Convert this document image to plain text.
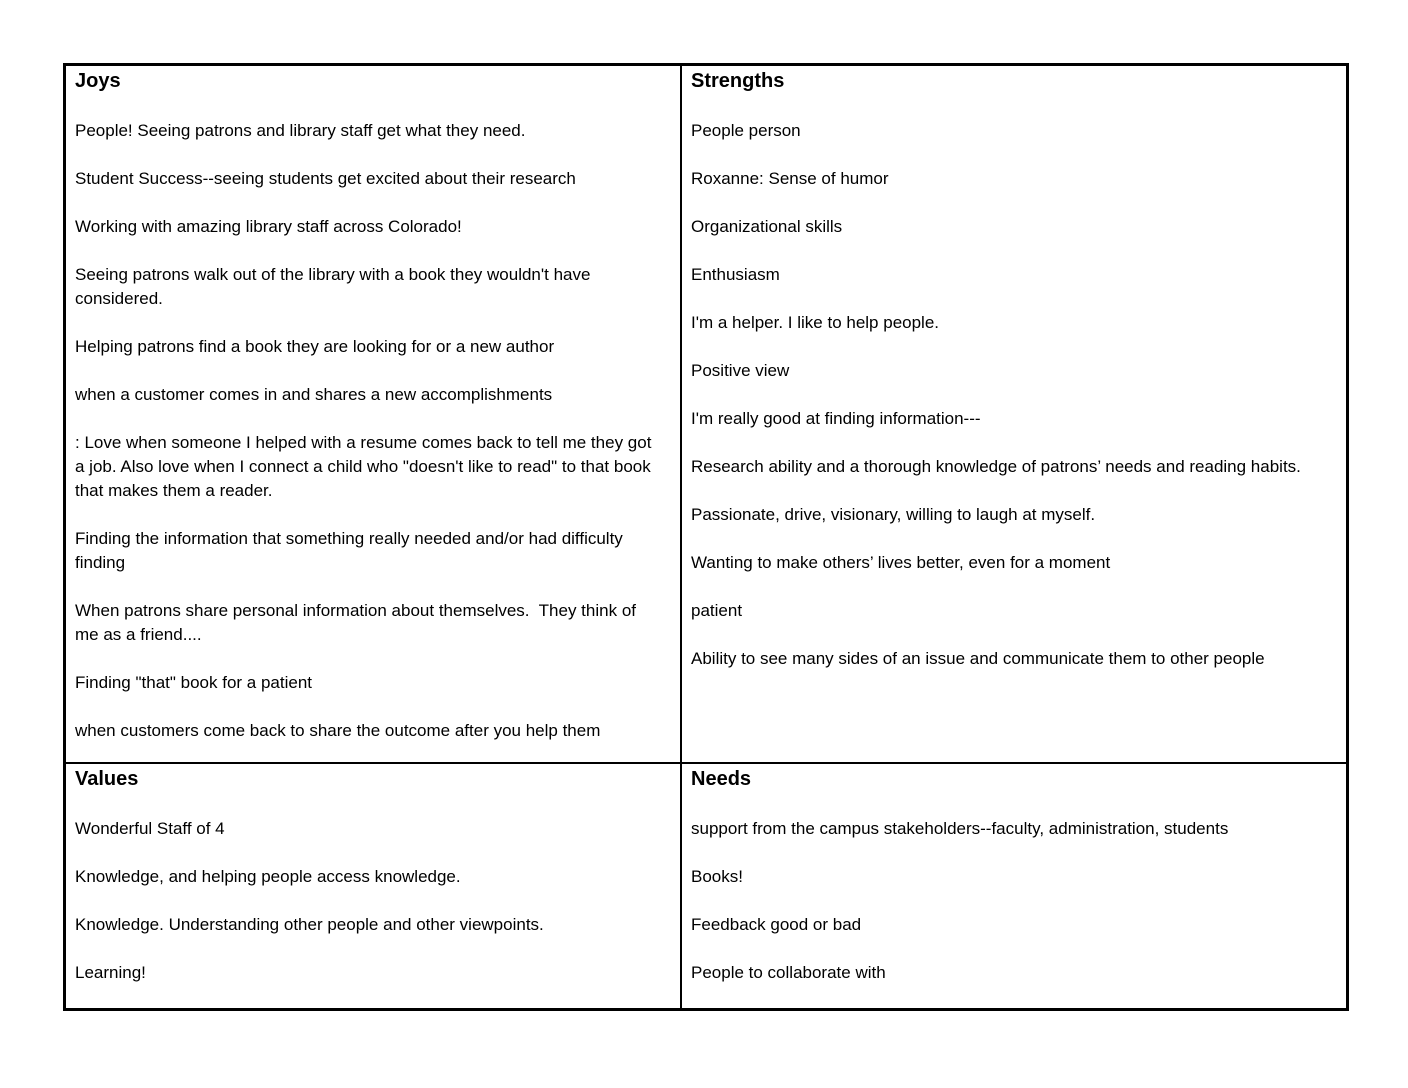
Joys

People! Seeing patrons and library staff get what they need.

Student Success--seeing students get excited about their research

Working with amazing library staff across Colorado!

Seeing patrons walk out of the library with a book they wouldn't have considered.

Helping patrons find a book they are looking for or a new author

when a customer comes in and shares a new accomplishments

: Love when someone I helped with a resume comes back to tell me they got a job. Also love when I connect a child who "doesn't like to read" to that book that makes them a reader.

Finding the information that something really needed and/or had difficulty finding

When patrons share personal information about themselves.  They think of me as a friend....

Finding "that" book for a patient

when customers come back to share the outcome after you help them

Strengths

People person

Roxanne: Sense of humor

Organizational skills

Enthusiasm

I'm a helper. I like to help people.

Positive view

I'm really good at finding information---

Research ability and a thorough knowledge of patrons’ needs and reading habits.

Passionate, drive, visionary, willing to laugh at myself.

Wanting to make others’ lives better, even for a moment

patient

Ability to see many sides of an issue and communicate them to other people

Values

Wonderful Staff of 4

Knowledge, and helping people access knowledge.

Knowledge. Understanding other people and other viewpoints.

Learning!

Needs

support from the campus stakeholders--faculty, administration, students

Books!

Feedback good or bad

People to collaborate with
